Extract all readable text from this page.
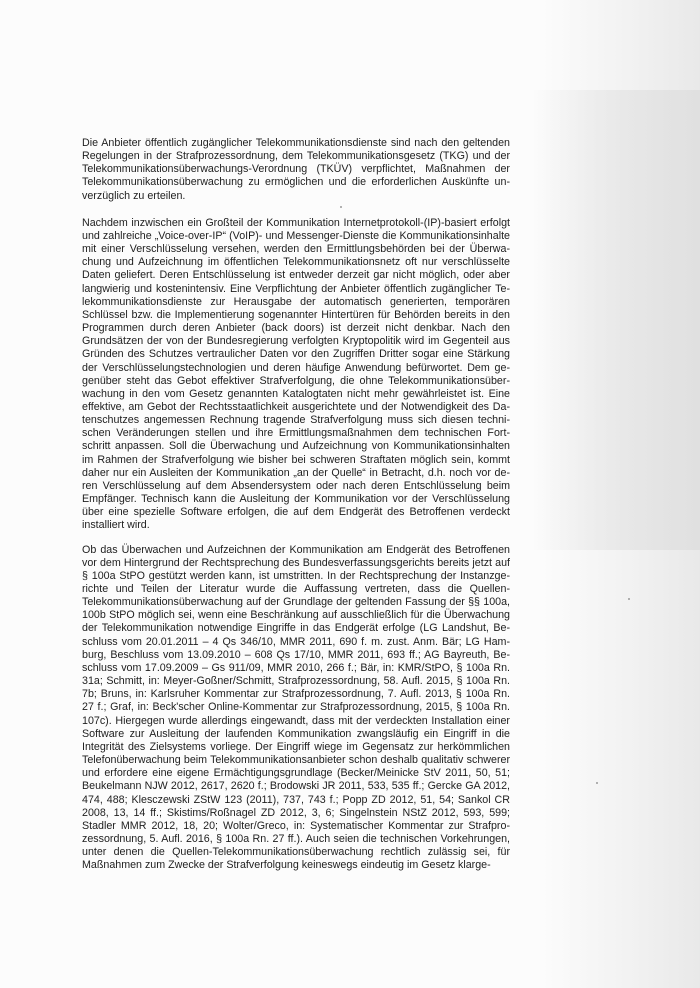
Die Anbieter öffentlich zugänglicher Telekommunikationsdienste sind nach den geltenden Regelungen in der Strafprozessordnung, dem Telekommunikationsgesetz (TKG) und der Telekommunikationsüberwachungs-Verordnung (TKÜV) verpflichtet, Maßnahmen der Telekommunikationsüberwachung zu ermöglichen und die erforderlichen Auskünfte unverzüglich zu erteilen.

Nachdem inzwischen ein Großteil der Kommunikation Internetprotokoll-(IP)-basiert erfolgt und zahlreiche „Voice-over-IP“ (VoIP)- und Messenger-Dienste die Kommunikationsinhalte mit einer Verschlüsselung versehen, werden den Ermittlungsbehörden bei der Überwachung und Aufzeichnung im öffentlichen Telekommunikationsnetz oft nur verschlüsselte Daten geliefert. Deren Entschlüsselung ist entweder derzeit gar nicht möglich, oder aber langwierig und kostenintensiv. Eine Verpflichtung der Anbieter öffentlich zugänglicher Telekommunikationsdienste zur Herausgabe der automatisch generierten, temporären Schlüssel bzw. die Implementierung sogenannter Hintertüren für Behörden bereits in den Programmen durch deren Anbieter (back doors) ist derzeit nicht denkbar. Nach den Grundsätzen der von der Bundesregierung verfolgten Kryptopolitik wird im Gegenteil aus Gründen des Schutzes vertraulicher Daten vor den Zugriffen Dritter sogar eine Stärkung der Verschlüsselungstechnologien und deren häufige Anwendung befürwortet. Dem gegenüber steht das Gebot effektiver Strafverfolgung, die ohne Telekommunikationsüberwachung in den vom Gesetz genannten Katalogtaten nicht mehr gewährleistet ist. Eine effektive, am Gebot der Rechtsstaatlichkeit ausgerichtete und der Notwendigkeit des Datenschutzes angemessen Rechnung tragende Strafverfolgung muss sich diesen technischen Veränderungen stellen und ihre Ermittlungsmaßnahmen dem technischen Fortschritt anpassen. Soll die Überwachung und Aufzeichnung von Kommunikationsinhalten im Rahmen der Strafverfolgung wie bisher bei schweren Straftaten möglich sein, kommt daher nur ein Ausleiten der Kommunikation „an der Quelle“ in Betracht, d.h. noch vor deren Verschlüsselung auf dem Absendersystem oder nach deren Entschlüsselung beim Empfänger. Technisch kann die Ausleitung der Kommunikation vor der Verschlüsselung über eine spezielle Software erfolgen, die auf dem Endgerät des Betroffenen verdeckt installiert wird.

Ob das Überwachen und Aufzeichnen der Kommunikation am Endgerät des Betroffenen vor dem Hintergrund der Rechtsprechung des Bundesverfassungsgerichts bereits jetzt auf § 100a StPO gestützt werden kann, ist umstritten. In der Rechtsprechung der Instanzgerichte und Teilen der Literatur wurde die Auffassung vertreten, dass die Quellen-Telekommunikationsüberwachung auf der Grundlage der geltenden Fassung der §§ 100a, 100b StPO möglich sei, wenn eine Beschränkung auf ausschließlich für die Überwachung der Telekommunikation notwendige Eingriffe in das Endgerät erfolge (LG Landshut, Beschluss vom 20.01.2011 – 4 Qs 346/10, MMR 2011, 690 f. m. zust. Anm. Bär; LG Hamburg, Beschluss vom 13.09.2010 – 608 Qs 17/10, MMR 2011, 693 ff.; AG Bayreuth, Beschluss vom 17.09.2009 – Gs 911/09, MMR 2010, 266 f.; Bär, in: KMR/StPO, § 100a Rn. 31a; Schmitt, in: Meyer-Goßner/Schmitt, Strafprozessordnung, 58. Aufl. 2015, § 100a Rn. 7b; Bruns, in: Karlsruher Kommentar zur Strafprozessordnung, 7. Aufl. 2013, § 100a Rn. 27 f.; Graf, in: Beck'scher Online-Kommentar zur Strafprozessordnung, 2015, § 100a Rn. 107c). Hiergegen wurde allerdings eingewandt, dass mit der verdeckten Installation einer Software zur Ausleitung der laufenden Kommunikation zwangsläufig ein Eingriff in die Integrität des Zielsystems vorliege. Der Eingriff wiege im Gegensatz zur herkömmlichen Telefonüberwachung beim Telekommunikationsanbieter schon deshalb qualitativ schwerer und erfordere eine eigene Ermächtigungsgrundlage (Becker/Meinicke StV 2011, 50, 51; Beukelmann NJW 2012, 2617, 2620 f.; Brodowski JR 2011, 533, 535 ff.; Gercke GA 2012, 474, 488; Klesczewski ZStW 123 (2011), 737, 743 f.; Popp ZD 2012, 51, 54; Sankol CR 2008, 13, 14 ff.; Skistims/Roßnagel ZD 2012, 3, 6; Singelnstein NStZ 2012, 593, 599; Stadler MMR 2012, 18, 20; Wolter/Greco, in: Systematischer Kommentar zur Strafprozessordnung, 5. Aufl. 2016, § 100a Rn. 27 ff.). Auch seien die technischen Vorkehrungen, unter denen die Quellen-Telekommunikationsüberwachung rechtlich zulässig sei, für Maßnahmen zum Zwecke der Strafverfolgung keineswegs eindeutig im Gesetz klarge-
